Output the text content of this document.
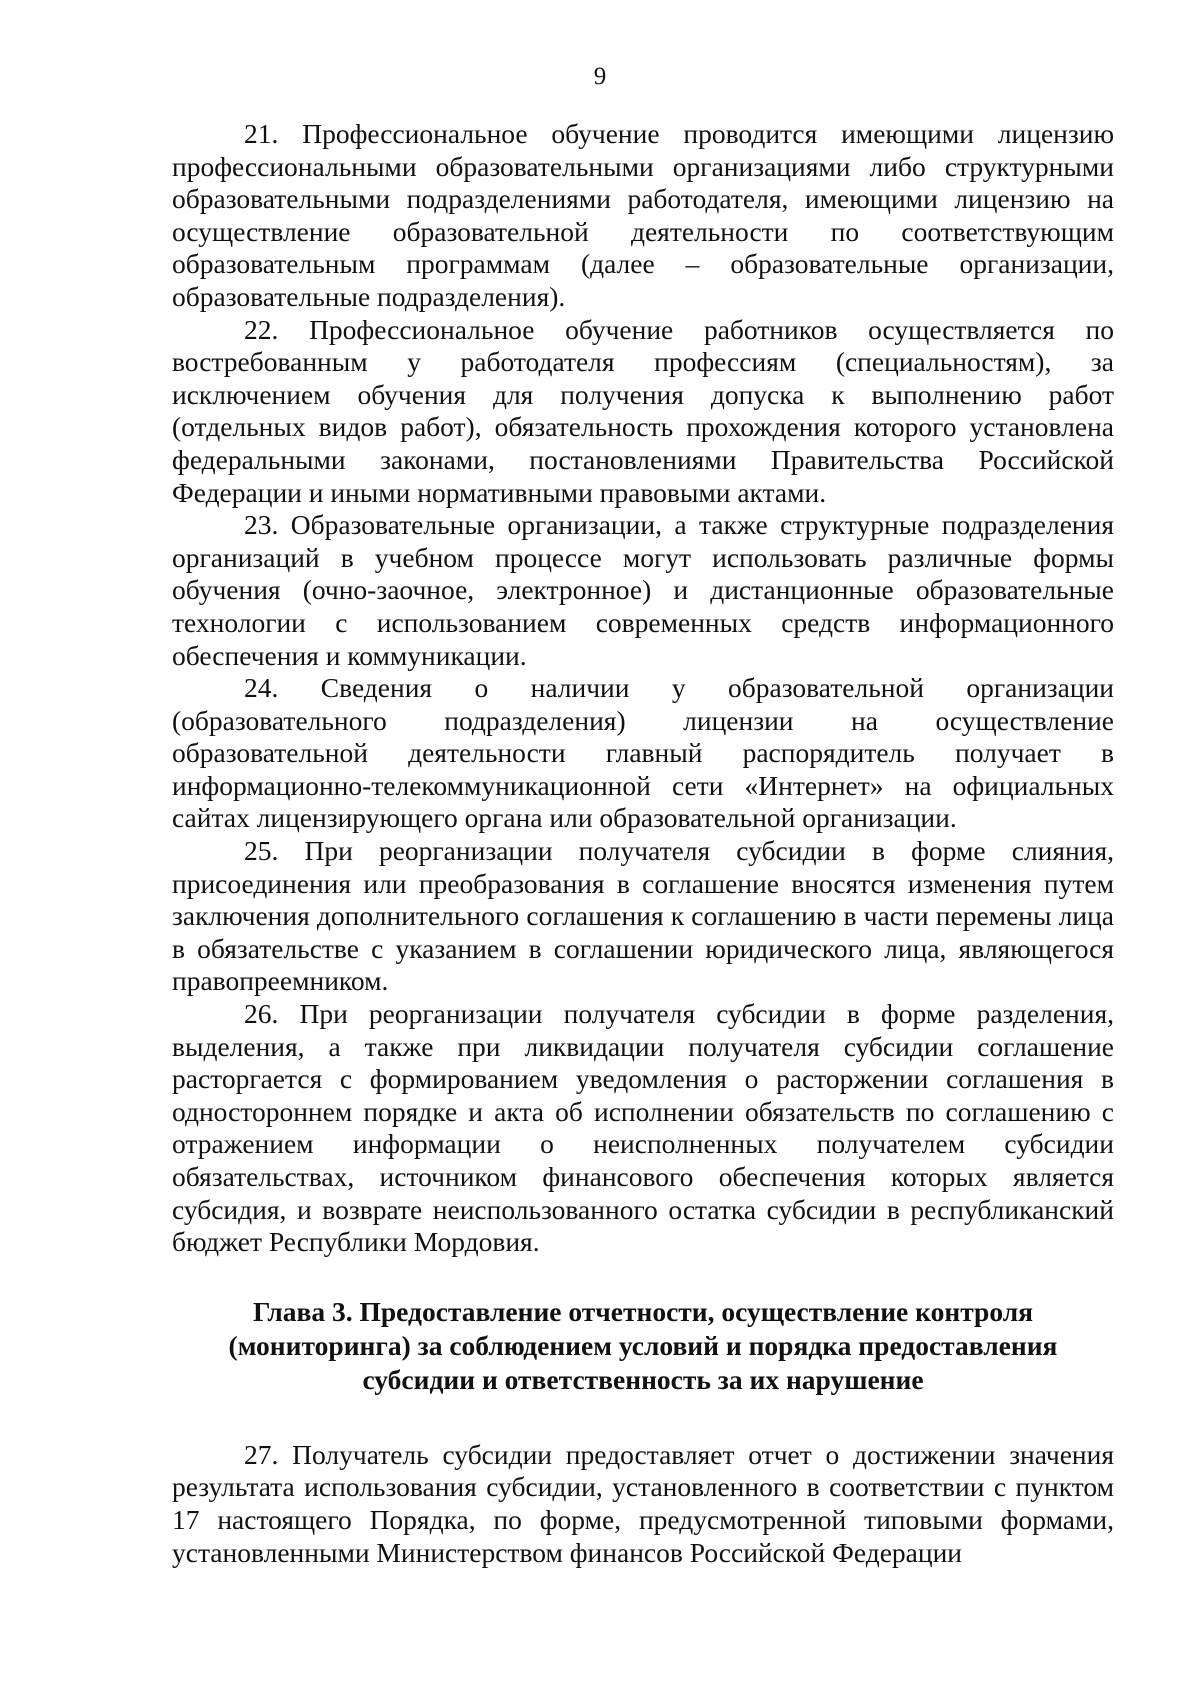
9

21. Профессиональное обучение проводится имеющими лицензию профессиональными образовательными организациями либо структурными образовательными подразделениями работодателя, имеющими лицензию на осуществление образовательной деятельности по соответствующим образовательным программам (далее – образовательные организации, образовательные подразделения).

22. Профессиональное обучение работников осуществляется по востребованным у работодателя профессиям (специальностям), за исключением обучения для получения допуска к выполнению работ (отдельных видов работ), обязательность прохождения которого установлена федеральными законами, постановлениями Правительства Российской Федерации и иными нормативными правовыми актами.

23. Образовательные организации, а также структурные подразделения организаций в учебном процессе могут использовать различные формы обучения (очно-заочное, электронное) и дистанционные образовательные технологии с использованием современных средств информационного обеспечения и коммуникации.

24. Сведения о наличии у образовательной организации (образовательного подразделения) лицензии на осуществление образовательной деятельности главный распорядитель получает в информационно-телекоммуникационной сети «Интернет» на официальных сайтах лицензирующего органа или образовательной организации.

25. При реорганизации получателя субсидии в форме слияния, присоединения или преобразования в соглашение вносятся изменения путем заключения дополнительного соглашения к соглашению в части перемены лица в обязательстве с указанием в соглашении юридического лица, являющегося правопреемником.

26. При реорганизации получателя субсидии в форме разделения, выделения, а также при ликвидации получателя субсидии соглашение расторгается с формированием уведомления о расторжении соглашения в одностороннем порядке и акта об исполнении обязательств по соглашению с отражением информации о неисполненных получателем субсидии обязательствах, источником финансового обеспечения которых является субсидия, и возврате неиспользованного остатка субсидии в республиканский бюджет Республики Мордовия.

Глава 3. Предоставление отчетности, осуществление контроля (мониторинга) за соблюдением условий и порядка предоставления субсидии и ответственность за их нарушение

27. Получатель субсидии предоставляет отчет о достижении значения результата использования субсидии, установленного в соответствии с пунктом 17 настоящего Порядка, по форме, предусмотренной типовыми формами, установленными Министерством финансов Российской Федерации
